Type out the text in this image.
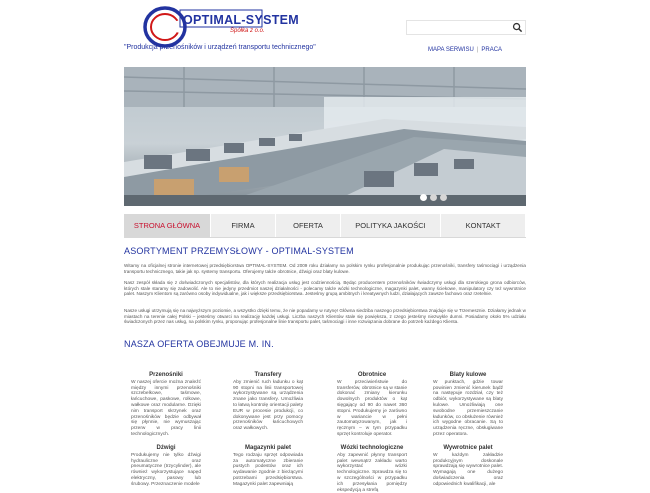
OPTIMAL-SYSTEM
Spółka z o.o.
"Produkcja przenośników i urządzeń transportu technicznego"	MAPA SERWISU | PRACA
STRONA GŁÓWNA	FIRMA	OFERTA	POLITYKA JAKOŚCI	KONTAKT
ASORTYMENT PRZEMYSŁOWY - OPTIMAL-SYSTEM
Witamy na oficjalnej stronie internetowej przedsiębiorstwa OPTIMAL-SYSTEM. Od 2009 roku działamy na polskim rynku profesjonalnie produkując przenośniki, transfery taśmociągi i urządzenia transportu technicznego, takie jak np. systemy transportu. Oferujemy także obrotnice, dźwigi oraz blaty kulowe.
Nasz zespół składa się z doświadczonych specjalistów, dla których realizacja usług jest codziennością. Będąc producentem przenośników świadczymy usługi dla szerokiego grona odbiorców, których stale staramy się zadowolić. Ale to nie jedyny przedmiot naszej działalności - polecamy także wózki technologiczne, magazynki palet, wanny ściekowe, manipulatory czy też wywrotnice palet. Naszym Klientom są zarówno osoby indywidualne, jak i większe przedsiębiorstwa. Jesteśmy grupą ambitnych i kreatywnych ludzi, działających zawsze fachowo oraz rzetelnie.
Nasze usługi utrzymują się na najwyższym poziomie, a wszystko dzięki temu, że nie popadamy w rutynę! Główna siedziba naszego przedsiębiorstwa znajduje się w Trzemesznie. Działamy jednak w miastach na terenie całej Polski – jesteśmy otwarci na realizację każdej usługi. Liczba naszych Klientów stale się powiększa, z czego jesteśmy niezwykle dumni. Posiadamy około 5% udziału świadczonych przez nas usług, na polskim rynku, proponując profesjonalne linie transportu palet, taśmociągi i inne rozwiązania dobrane do potrzeb każdego Klienta.
NASZA OFERTA OBEJMUJE M. IN.
Przenośniki
W naszej ofercie można znaleźć między innymi przenośniki szczebelkowe, taśmowe, łańcuchowe, paskowe, rolkowe, wałkowe oraz modularne. Dzięki nim transport skrzynek oraz przenośników będzie odbywał się płynnie, nie wymuszając przerw w pracy linii technologicznych.
Transfery
Aby zmienić ruch ładunku o kąt 90 stopni na linii transportowej wykorzystywane są urządzenia znane jako transfery. Umożliwia to łatwą kontrolę orientacji palety EUR w procesie produkcji, co dokonywane jest przy pomocy przenośników łańcuchowych oraz wałkowych.
Obrotnice
W przeciwieństwie do transferów, obrotnice są w stanie dokonać zmiany kierunku dowolnych produktów o kąt sięgający od 90 do nawet 360 stopni. Produkujemy je zarówno w wariancie w pełni zautomatyzowanym, jak i ręcznym – w tym przypadku sprzęt kontroluje operator.
Blaty kulowe
W punktach, gdzie towar powinien zmienić kierunek bądź na następuje rozdział, czy też odbiór, wykorzystywane są blaty kulowe. Umożliwiają one swobodne przemieszczanie ładunków, co obsłużenie również ich wygodne obracanie. Są to urządzenia ręczne, obsługiwane przez operatora.
Dźwigi
Produkujemy nie tylko dźwigi hydrauliczne oraz pneumatyczne (trzycylinder), ale również wykorzystujące napęd elektryczny, pasowy lub śrubowy. Przeznaczenie modele
Magazynki palet
Tego rodzaju sprzęt odpowiada za automatyczne zbieranie pustych podestów oraz ich wydawanie zgodnie z bieżącymi potrzebami przedsiębiorstwa. Magazynki palet zapewniają
Wózki technologiczne
Aby zapewnić płynny transport palet wewnątrz zakładu warto wykorzystać wózki technologiczne. Sprawdza się to w szczególności w przypadku ich przesyłania pomiędzy ekspedycją a strefą
Wywrotnice palet
W każdym zakładzie produkcyjnym doskonale sprawdzają się wywrotnice palet. Wymagają one dużego doświadczenia oraz odpowiednich kwalifikacji, ale
